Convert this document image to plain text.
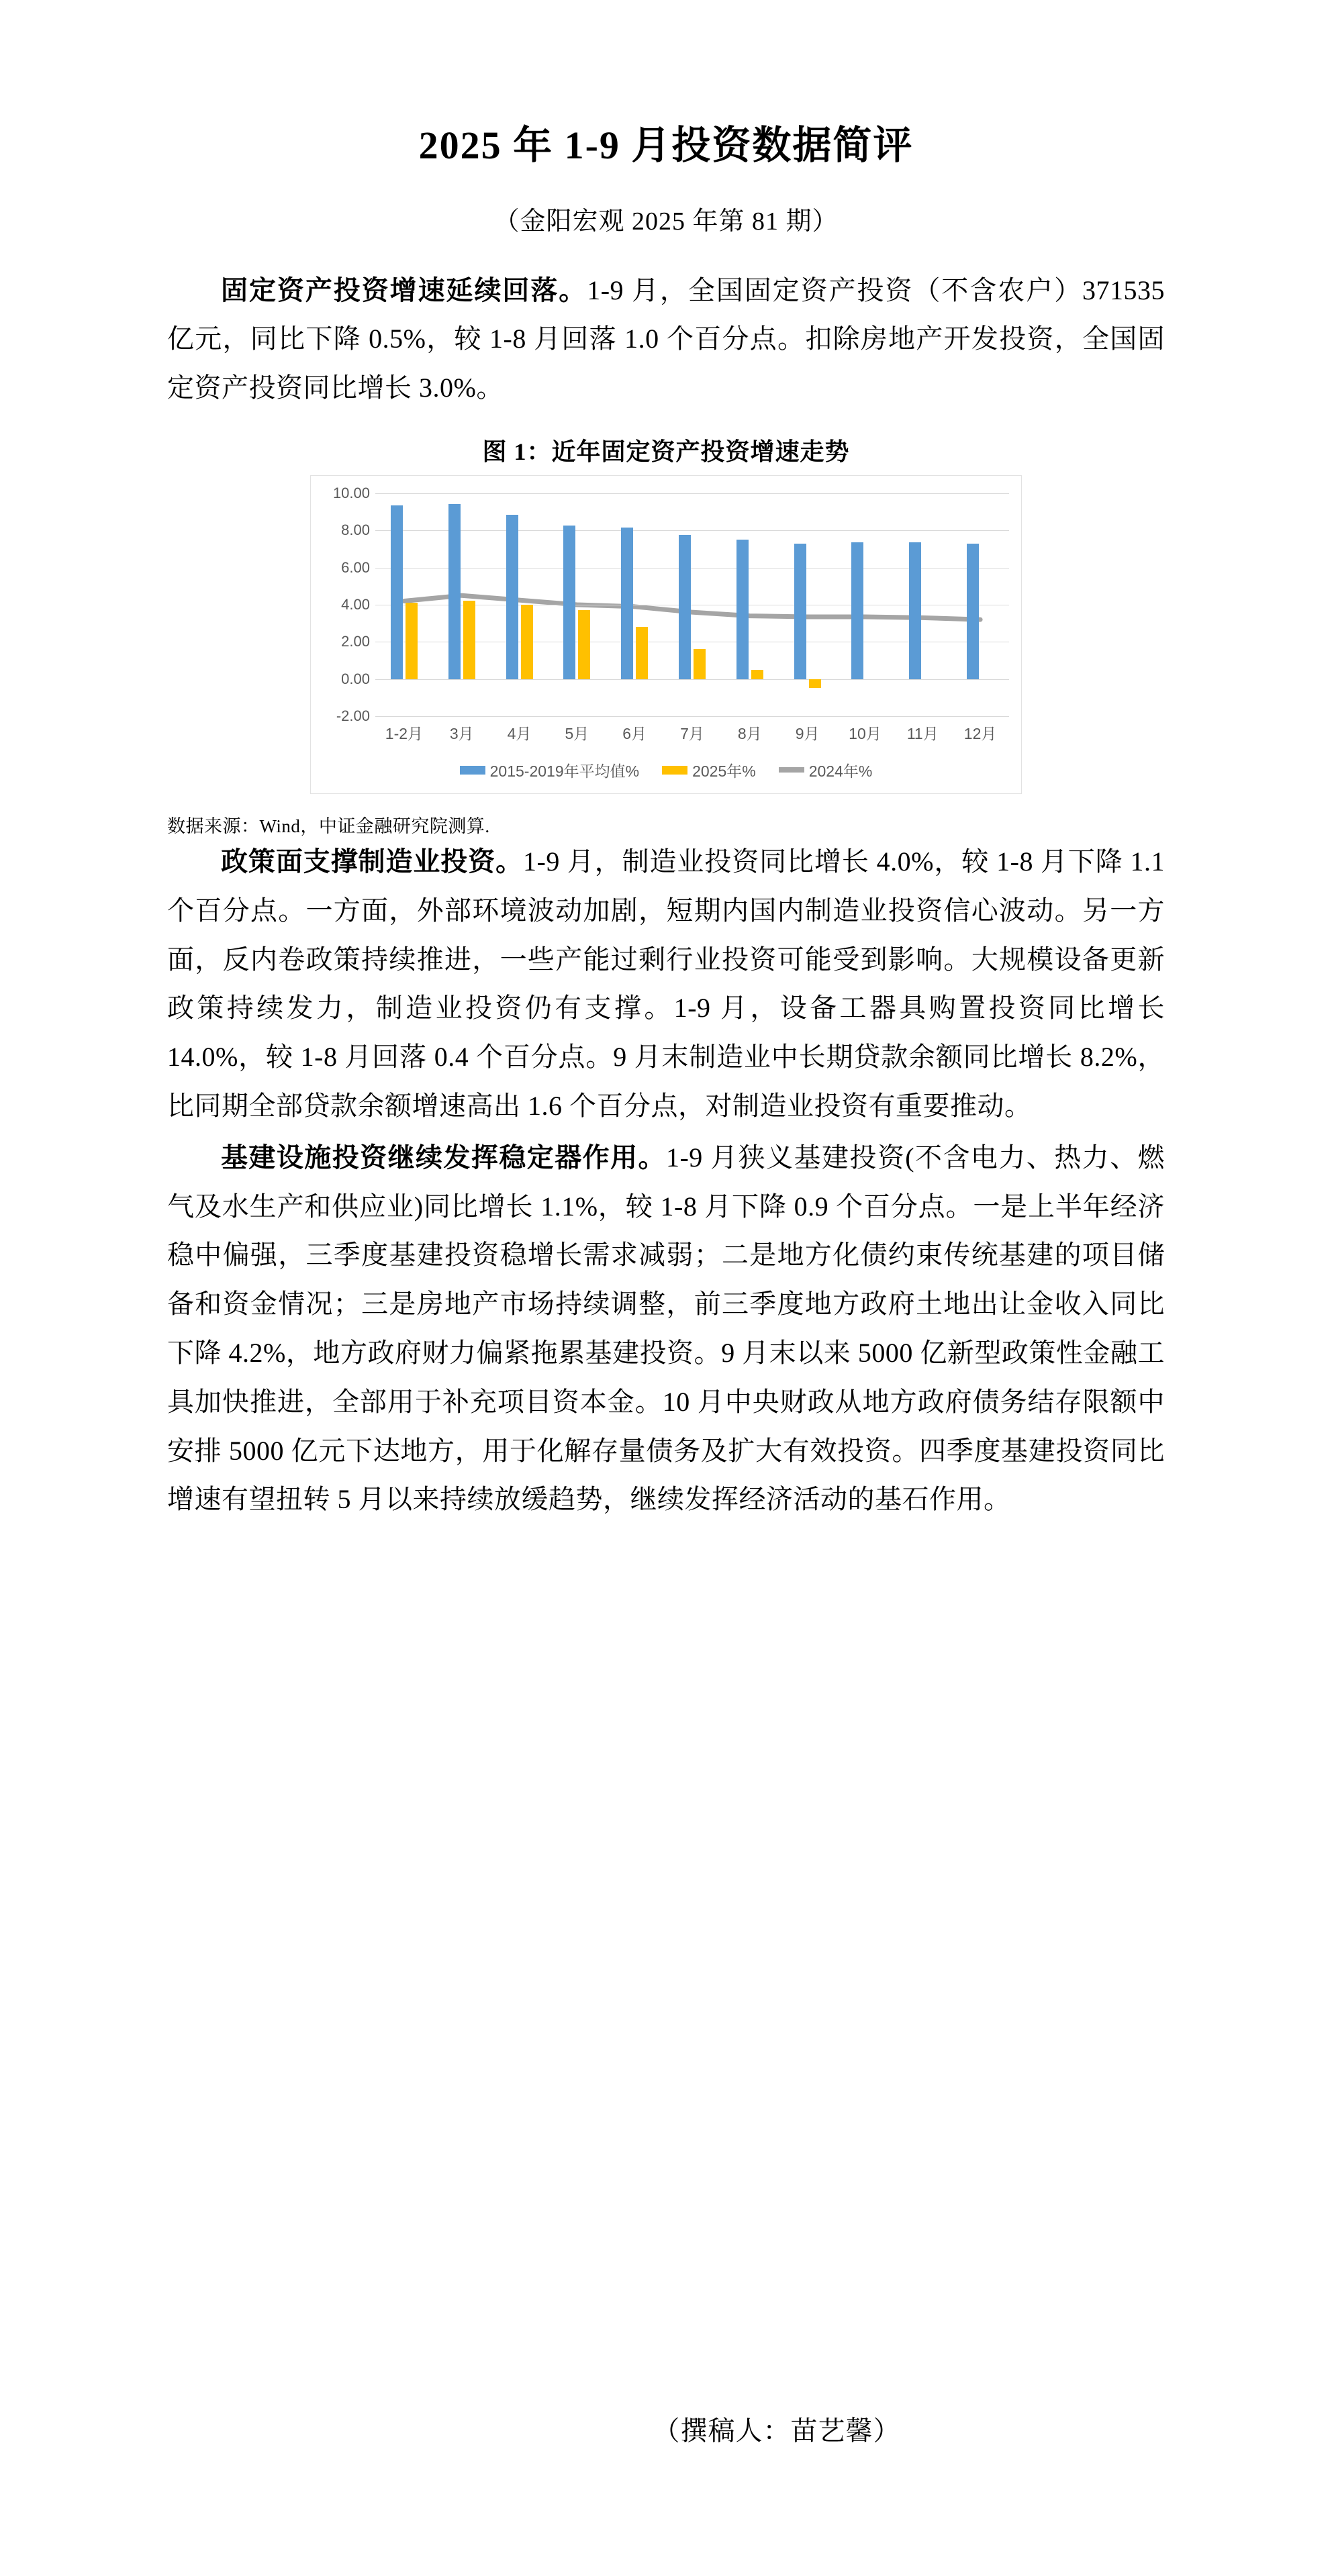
2025 年 1-9 月投资数据简评
（金阳宏观 2025 年第 81 期）

固定资产投资增速延续回落。1-9 月，全国固定资产投资（不含农户）371535 亿元，同比下降 0.5%，较 1-8 月回落 1.0 个百分点。扣除房地产开发投资，全国固定资产投资同比增长 3.0%。

图 1：近年固定资产投资增速走势
10.00
8.00
6.00
4.00
2.00
0.00
-2.00
1-2月 3月 4月 5月 6月 7月 8月 9月 10月 11月 12月
2015-2019年平均值%	2025年%	2024年%

数据来源：Wind，中证金融研究院测算.

政策面支撑制造业投资。1-9 月，制造业投资同比增长 4.0%，较 1-8 月下降 1.1 个百分点。一方面，外部环境波动加剧，短期内国内制造业投资信心波动。另一方面，反内卷政策持续推进，一些产能过剩行业投资可能受到影响。大规模设备更新政策持续发力，制造业投资仍有支撑。1-9 月，设备工器具购置投资同比增长 14.0%，较 1-8 月回落 0.4 个百分点。9 月末制造业中长期贷款余额同比增长 8.2%，比同期全部贷款余额增速高出 1.6 个百分点，对制造业投资有重要推动。

基建设施投资继续发挥稳定器作用。1-9 月狭义基建投资(不含电力、热力、燃气及水生产和供应业)同比增长 1.1%，较 1-8 月下降 0.9 个百分点。一是上半年经济稳中偏强，三季度基建投资稳增长需求减弱；二是地方化债约束传统基建的项目储备和资金情况；三是房地产市场持续调整，前三季度地方政府土地出让金收入同比下降 4.2%，地方政府财力偏紧拖累基建投资。9 月末以来 5000 亿新型政策性金融工具加快推进，全部用于补充项目资本金。10 月中央财政从地方政府债务结存限额中安排 5000 亿元下达地方，用于化解存量债务及扩大有效投资。四季度基建投资同比增速有望扭转 5 月以来持续放缓趋势，继续发挥经济活动的基石作用。

（撰稿人：苗艺馨）
